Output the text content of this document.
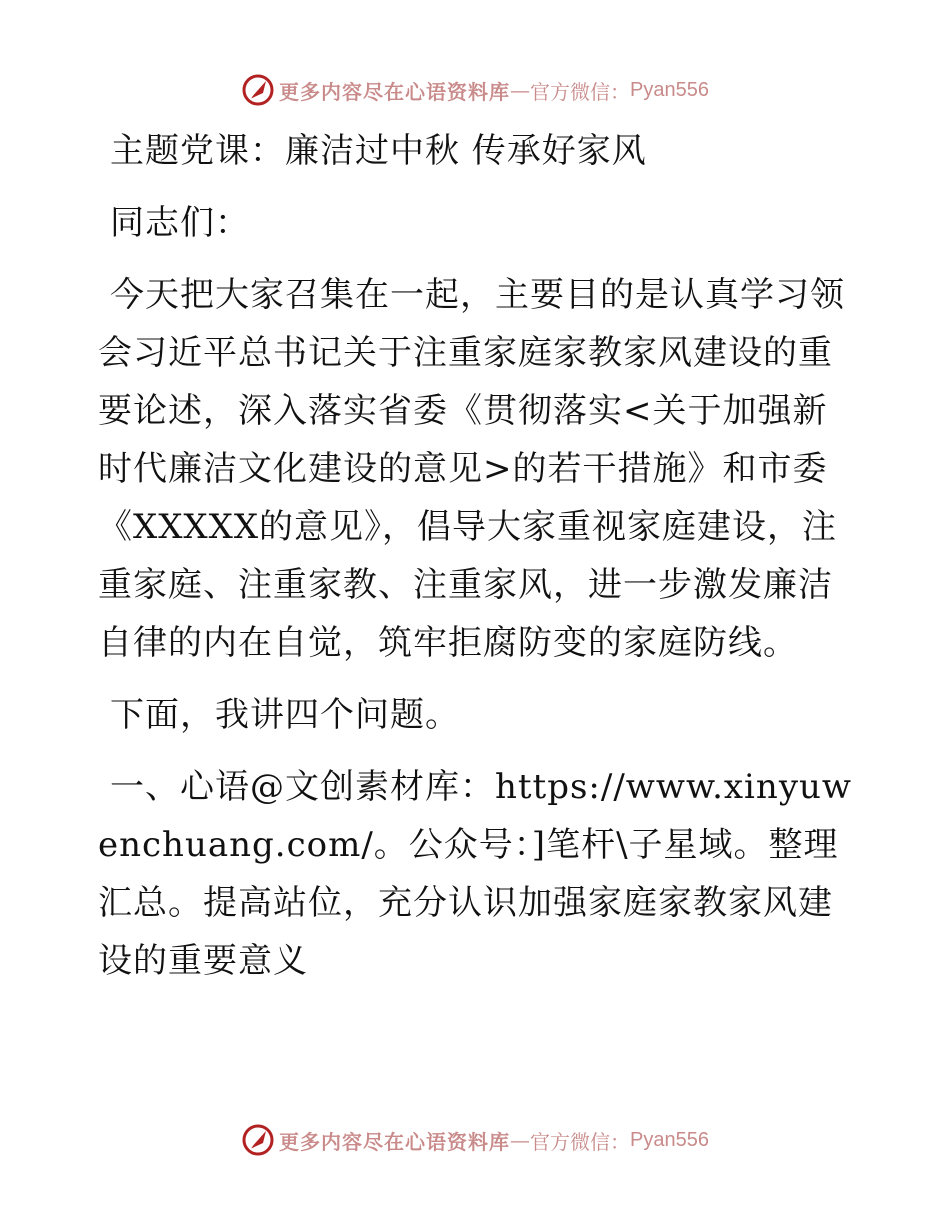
更多内容尽在心语资料库 — 官方微信： Pyan556

主题党课：廉洁过中秋 传承好家风

同志们：

今天把大家召集在一起，主要目的是认真学习领会习近平总书记关于注重家庭家教家风建设的重要论述，深入落实省委《贯彻落实<关于加强新时代廉洁文化建设的意见>的若干措施》和市委《XXXXX的意见》，倡导大家重视家庭建设，注重家庭、注重家教、注重家风，进一步激发廉洁自律的内在自觉，筑牢拒腐防变的家庭防线。

下面，我讲四个问题。

一、心语@文创素材库：https://www.xinyuwenchuang.com/。公众号：]笔杆\子星域。整理汇总。提高站位，充分认识加强家庭家教家风建设的重要意义

更多内容尽在心语资料库 — 官方微信： Pyan556
